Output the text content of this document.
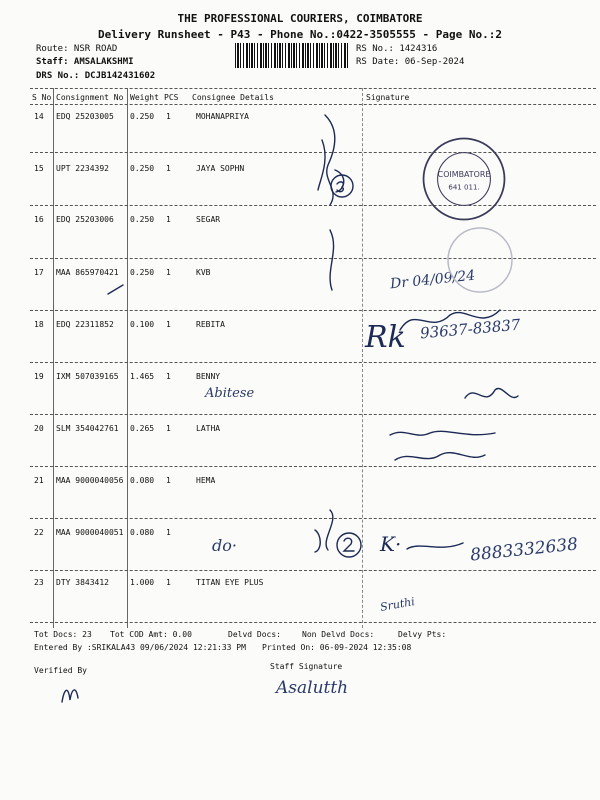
THE PROFESSIONAL COURIERS, COIMBATORE
Delivery Runsheet - P43 - Phone No.:0422-3505555 - Page No.:2
Route: NSR ROAD
Staff: AMSALAKSHMI
DRS No.: DCJB142431602
RS No.: 1424316
RS Date: 06-Sep-2024
S No Consignment No Weight PCS Consignee Details	Signature
14 EDQ 25203005 0.250 1	MOHANAPRIYA
15 UPT 2234392	0.250 1	JAYA SOPHN
16 EDQ 25203006 0.250 1	SEGAR
17 MAA 865970421 0.250 1	KVB
18 EDQ 22311852 0.100 1	REBITA
19 IXM 507039165 1.465 1	BENNY
20 SLM 354042761 0.265 1	LATHA
21 MAA 9000040056 0.080 1	HEMA
22 MAA 9000040051 0.080 1
23 DTY 3843412	1.000 1	TITAN EYE PLUS
Abitese
do·
Dr 04/09/24
Rk 93637-83837
K·	8883332638
Sruthi
COIMBATORE
641 011.
Tot Docs: 23 Tot COD Amt: 0.00	Delvd Docs:	Non Delvd Docs:	Delvy Pts:
Entered By :SRIKALA43 09/06/2024 12:21:33 PM Printed On: 06-09-2024 12:35:08
Verified By	Staff Signature
Asalutth
